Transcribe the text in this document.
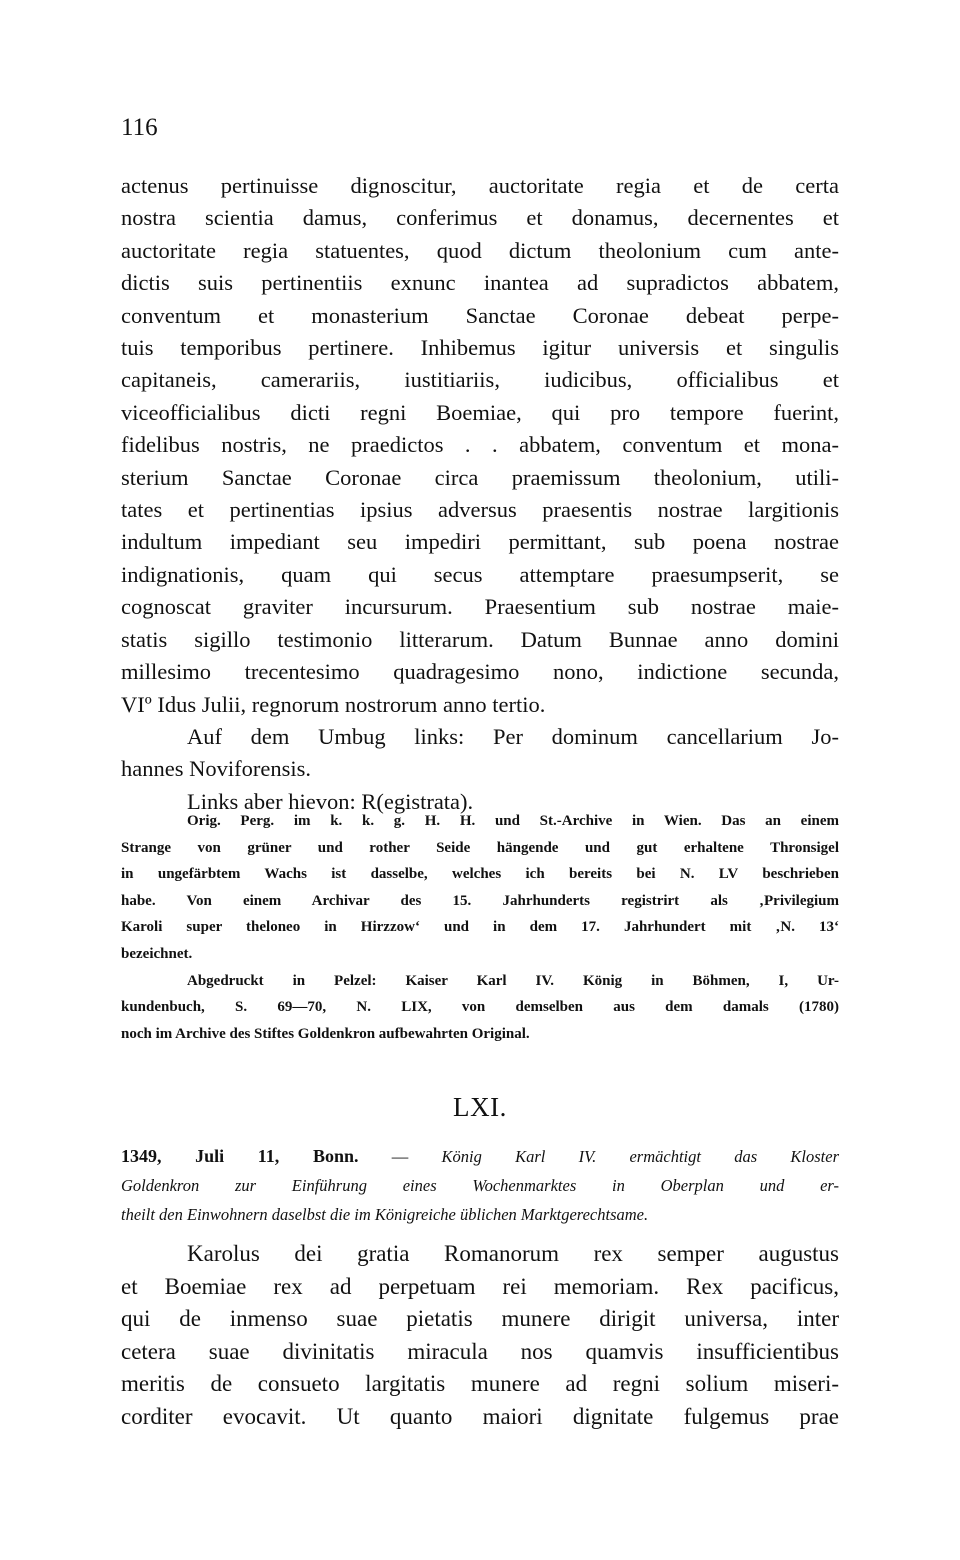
116
actenus pertinuisse dignoscitur, auctoritate regia et de certa
nostra scientia damus, conferimus et donamus, decernentes et
auctoritate regia statuentes, quod dictum theolonium cum ante-
dictis suis pertinentiis exnunc inantea ad supradictos abbatem,
conventum et monasterium Sanctae Coronae debeat perpe-
tuis temporibus pertinere. Inhibemus igitur universis et singulis
capitaneis, camerariis, iustitiariis, iudicibus, officialibus et
viceofficialibus dicti regni Boemiae, qui pro tempore fuerint,
fidelibus nostris, ne praedictos . . abbatem, conventum et mona-
sterium Sanctae Coronae circa praemissum theolonium, utili-
tates et pertinentias ipsius adversus praesentis nostrae largitionis
indultum impediant seu impediri permittant, sub poena nostrae
indignationis, quam qui secus attemptare praesumpserit, se
cognoscat graviter incursurum. Praesentium sub nostrae maie-
statis sigillo testimonio litterarum. Datum Bunnae anno domini
millesimo trecentesimo quadragesimo nono, indictione secunda,
VIº Idus Julii, regnorum nostrorum anno tertio.
Auf dem Umbug links: Per dominum cancellarium Jo-
hannes Noviforensis.
Links aber hievon: R(egistrata).
Orig. Perg. im k. k. g. H. H. und St.-Archive in Wien. Das an einem
Strange von grüner und rother Seide hängende und gut erhaltene Thronsigel
in ungefärbtem Wachs ist dasselbe, welches ich bereits bei N. LV beschrieben
habe. Von einem Archivar des 15. Jahrhunderts registrirt als ‚Privilegium
Karoli super theloneo in Hirzzow‘ und in dem 17. Jahrhundert mit ‚N. 13‘
bezeichnet.
Abgedruckt in Pelzel: Kaiser Karl IV. König in Böhmen, I, Ur-
kundenbuch, S. 69—70, N. LIX, von demselben aus dem damals (1780)
noch im Archive des Stiftes Goldenkron aufbewahrten Original.
LXI.
1349, Juli 11, Bonn. — König Karl IV. ermächtigt das Kloster
Goldenkron zur Einführung eines Wochenmarktes in Oberplan und er-
theilt den Einwohnern daselbst die im Königreiche üblichen Marktgerechtsame.
Karolus dei gratia Romanorum rex semper augustus
et Boemiae rex ad perpetuam rei memoriam. Rex pacificus,
qui de inmenso suae pietatis munere dirigit universa, inter
cetera suae divinitatis miracula nos quamvis insufficientibus
meritis de consueto largitatis munere ad regni solium miseri-
corditer evocavit. Ut quanto maiori dignitate fulgemus prae
